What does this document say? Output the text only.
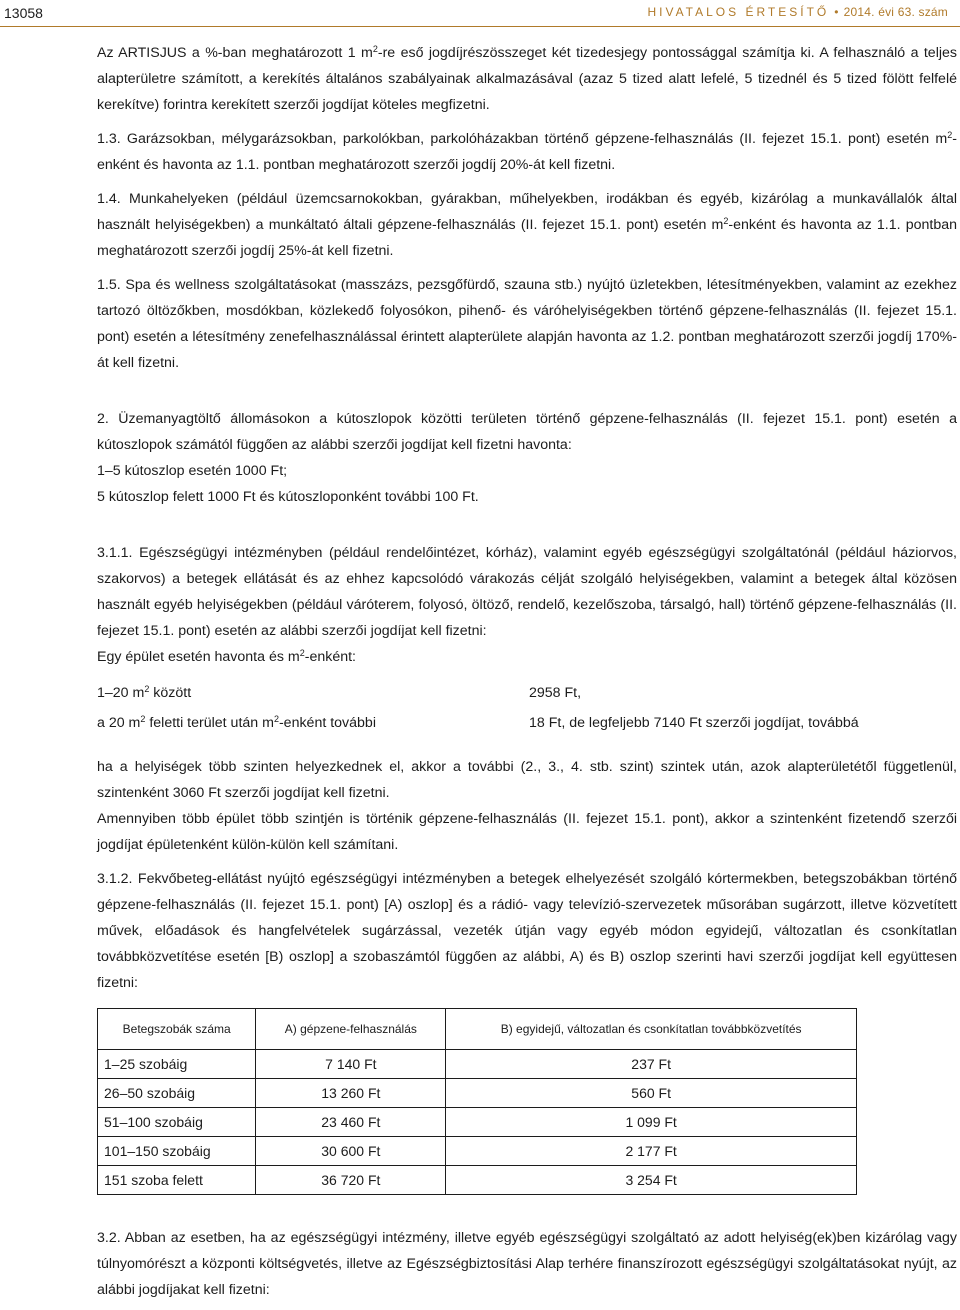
13058	HIVATALOS ÉRTESÍTŐ • 2014. évi 63. szám

Az ARTISJUS a %-ban meghatározott 1 $m^2-re$ eső jogdíjrészösszeget két tizedesjegy pontossággal számítja ki. A felhasználó a teljes alapterületre számított, a kerekítés általános szabályainak alkalmazásával (azaz 5 tized alatt lefelé, 5 tizednél és 5 tized fölött felfelé kerekítve) forintra kerekített szerzői jogdíjat köteles megfizetni.

1.3. Garázsokban, mélygarázsokban, parkolókban, parkolóházakban történő gépzene-felhasználás (II. fejezet 15.1. pont) esetén $m^2$-enként és havonta az 1.1. pontban meghatározott szerzői jogdíj 20%-át kell fizetni.

1.4. Munkahelyeken (például üzemcsarnokokban, gyárakban, műhelyekben, irodákban és egyéb, kizárólag a munkavállalók által használt helyiségekben) a munkáltató általi gépzene-felhasználás (II. fejezet 15.1. pont) esetén $m^2$-enként és havonta az 1.1. pontban meghatározott szerzői jogdíj 25%-át kell fizetni.

1.5. Spa és wellness szolgáltatásokat (masszázs, pezsgőfürdő, szauna stb.) nyújtó üzletekben, létesítményekben, valamint az ezekhez tartozó öltözőkben, mosdókban, közlekedő folyosókon, pihenő- és váróhelyiségekben történő gépzene-felhasználás (II. fejezet 15.1. pont) esetén a létesítmény zenefelhasználással érintett alapterülete alapján havonta az 1.2. pontban meghatározott szerzői jogdíj 170%-át kell fizetni.

2. Üzemanyagtöltő állomásokon a kútoszlopok közötti területen történő gépzene-felhasználás (II. fejezet 15.1. pont) esetén a kútoszlopok számától függően az alábbi szerzői jogdíjat kell fizetni havonta:

1–5 kútoszlop esetén 1000 Ft;

5 kútoszlop felett 1000 Ft és kútoszloponként további 100 Ft.

3.1.1. Egészségügyi intézményben (például rendelőintézet, kórház), valamint egyéb egészségügyi szolgáltatónál (például háziorvos, szakorvos) a betegek ellátását és az ehhez kapcsolódó várakozás célját szolgáló helyiségekben, valamint a betegek által közösen használt egyéb helyiségekben (például váróterem, folyosó, öltöző, rendelő, kezelőszoba, társalgó, hall) történő gépzene-felhasználás (II. fejezet 15.1. pont) esetén az alábbi szerzői jogdíjat kell fizetni:

Egy épület esetén havonta és $m^2$-enként:

1–20 $m^2$ között	2958 Ft,
a 20 $m^2$ feletti terület után $m^2$-enként további	18 Ft, de legfeljebb 7140 Ft szerzői jogdíjat, továbbá

ha a helyiségek több szinten helyezkednek el, akkor a további (2., 3., 4. stb. szint) szintek után, azok alapterületétől függetlenül, szintenként 3060 Ft szerzői jogdíjat kell fizetni.

Amennyiben több épület több szintjén is történik gépzene-felhasználás (II. fejezet 15.1. pont), akkor a szintenként fizetendő szerzői jogdíjat épületenként külön-külön kell számítani.

3.1.2. Fekvőbeteg-ellátást nyújtó egészségügyi intézményben a betegek elhelyezését szolgáló kórtermekben, betegszobákban történő gépzene-felhasználás (II. fejezet 15.1. pont) [A) oszlop] és a rádió- vagy televízió-szervezetek műsorában sugárzott, illetve közvetített művek, előadások és hangfelvételek sugárzással, vezeték útján vagy egyéb módon egyidejű, változatlan és csonkítatlan továbbközvetítése esetén [B) oszlop] a szobaszámtól függően az alábbi, A) és B) oszlop szerinti havi szerzői jogdíjat kell együttesen fizetni:

Betegszobák száma	A) gépzene-felhasználás	B) egyidejű, változatlan és csonkítatlan továbbközvetítés
1–25 szobáig	7 140 Ft	237 Ft
26–50 szobáig	13 260 Ft	560 Ft
51–100 szobáig	23 460 Ft	1 099 Ft
101–150 szobáig	30 600 Ft	2 177 Ft
151 szoba felett	36 720 Ft	3 254 Ft

3.2. Abban az esetben, ha az egészségügyi intézmény, illetve egyéb egészségügyi szolgáltató az adott helyiség(ek)ben kizárólag vagy túlnyomórészt a központi költségvetés, illetve az Egészségbiztosítási Alap terhére finanszírozott egészségügyi szolgáltatásokat nyújt, az alábbi jogdíjakat kell fizetni:
